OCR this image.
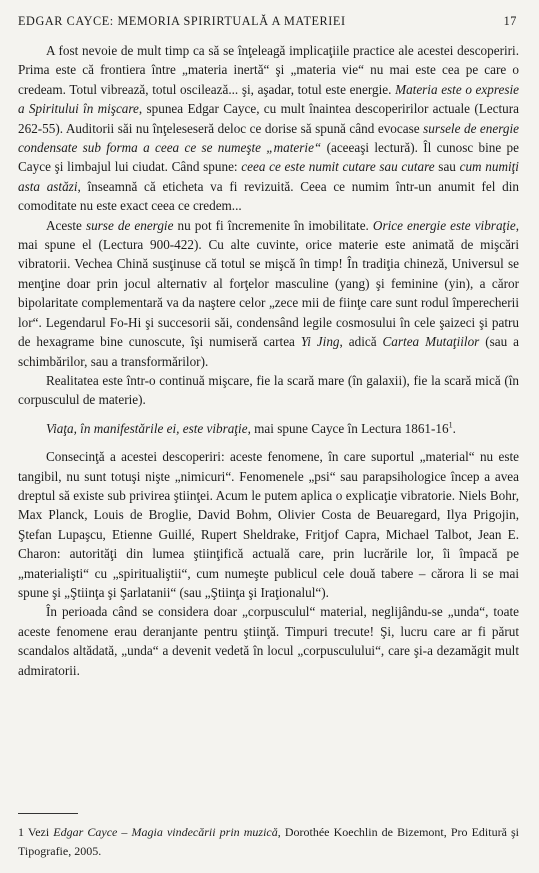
EDGAR CAYCE: MEMORIA SPIRIRTUALĂ A MATERIEI	17

A fost nevoie de mult timp ca să se înţeleagă implicaţiile practice ale acestei descoperiri. Prima este că frontiera între „materia inertă“ şi „materia vie“ nu mai este cea pe care o credeam. Totul vibrează, totul oscilează... şi, aşadar, totul este energie. Materia este o expresie a Spiritului în mişcare, spunea Edgar Cayce, cu mult înaintea descoperirilor actuale (Lectura 262-55). Auditorii săi nu înţeleseseră deloc ce dorise să spună când evocase sursele de energie condensate sub forma a ceea ce se numeşte „materie“ (aceeaşi lectură). Îl cunosc bine pe Cayce şi limbajul lui ciudat. Când spune: ceea ce este numit cutare sau cutare sau cum numiţi asta astăzi, înseamnă că eticheta va fi revizuită. Ceea ce numim într-un anumit fel din comoditate nu este exact ceea ce credem...

Aceste surse de energie nu pot fi încremenite în imobilitate. Orice energie este vibraţie, mai spune el (Lectura 900-422). Cu alte cuvinte, orice materie este animată de mişcări vibratorii. Vechea Chină susţinuse că totul se mişcă în timp! În tradiţia chineză, Universul se menţine doar prin jocul alternativ al forţelor masculine (yang) şi feminine (yin), a căror bipolaritate complementară va da naştere celor „zece mii de fiinţe care sunt rodul împerecherii lor“. Legendarul Fo-Hi şi succesorii săi, condensând legile cosmosului în cele şaizeci şi patru de hexagrame bine cunoscute, îşi numiseră cartea Yi Jing, adică Cartea Mutaţiilor (sau a schimbărilor, sau a transformărilor).

Realitatea este într-o continuă mişcare, fie la scară mare (în galaxii), fie la scară mică (în corpusculul de materie).

Viaţa, în manifestările ei, este vibraţie, mai spune Cayce în Lectura $1861-16^1$.

Consecinţă a acestei descoperiri: aceste fenomene, în care suportul „material“ nu este tangibil, nu sunt totuşi nişte „nimicuri“. Fenomenele „psi“ sau parapsihologice încep a avea dreptul să existe sub privirea ştiinţei. Acum le putem aplica o explicaţie vibratorie. Niels Bohr, Max Planck, Louis de Broglie, David Bohm, Olivier Costa de Beuaregard, Ilya Prigojin, Ştefan Lupaşcu, Etienne Guillé, Rupert Sheldrake, Fritjof Capra, Michael Talbot, Jean E. Charon: autorităţi din lumea ştiinţifică actuală care, prin lucrările lor, îi împacă pe „materialişti“ cu „spiritualiştii“, cum numeşte publicul cele două tabere – cărora li se mai spune şi „Ştiinţa şi Şarlatanii“ (sau „Ştiinţa şi Iraţionalul“).

În perioada când se considera doar „corpusculul“ material, neglijându-se „unda“, toate aceste fenomene erau deranjante pentru ştiinţă. Timpuri trecute! Şi, lucru care ar fi părut scandalos altădată, „unda“ a devenit vedetă în locul „corpusculului“, care şi-a dezamăgit mult admiratorii.

1 Vezi Edgar Cayce – Magia vindecării prin muzică, Dorothée Koechlin de Bizemont, Pro Editură şi Tipografie, 2005.
